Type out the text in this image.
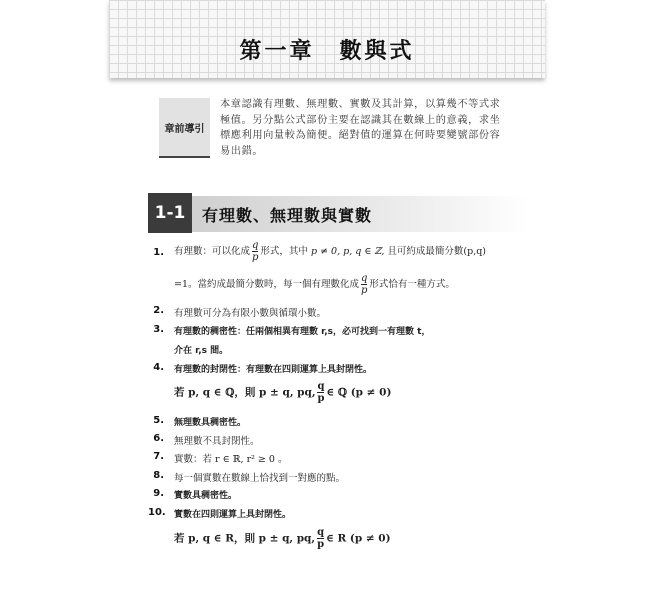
第一章　數與式
章前導引
本章認識有理數、無理數、實數及其計算，以算幾不等式求
極值。另分點公式部份主要在認識其在數線上的意義，求坐
標應利用向量較為簡便。絕對值的運算在何時要變號部份容
易出錯。
1-1	有理數、無理數與實數
1. 有理數：可以化成 $\frac{q}{p}$ 形式，其中 p ≠ 0, p, q ∈ ℤ, 且可約成最簡分數(p,q)
=1。當約成最簡分數時，每一個有理數化成 $\frac{q}{p}$ 形式恰有一種方式。
2. 有理數可分為有限小數與循環小數。
3. 有理數的稠密性：任兩個相異有理數 r,s，必可找到一有理數 t，
介在 r,s 間。
4. 有理數的封閉性：有理數在四則運算上具封閉性。
若 p, q ∈ ℚ，則 p ± q, pq, $\frac{q}{p}$ ∈ ℚ (p ≠ 0)
5. 無理數具稠密性。
6. 無理數不具封閉性。
7. 實數：若 r ∈ ℝ, r² ≥ 0 。
8. 每一個實數在數線上恰找到一對應的點。
9. 實數具稠密性。
10. 實數在四則運算上具封閉性。
若 p, q ∈ R，則 p ± q, pq, $\frac{q}{p}$ ∈ R (p ≠ 0)
